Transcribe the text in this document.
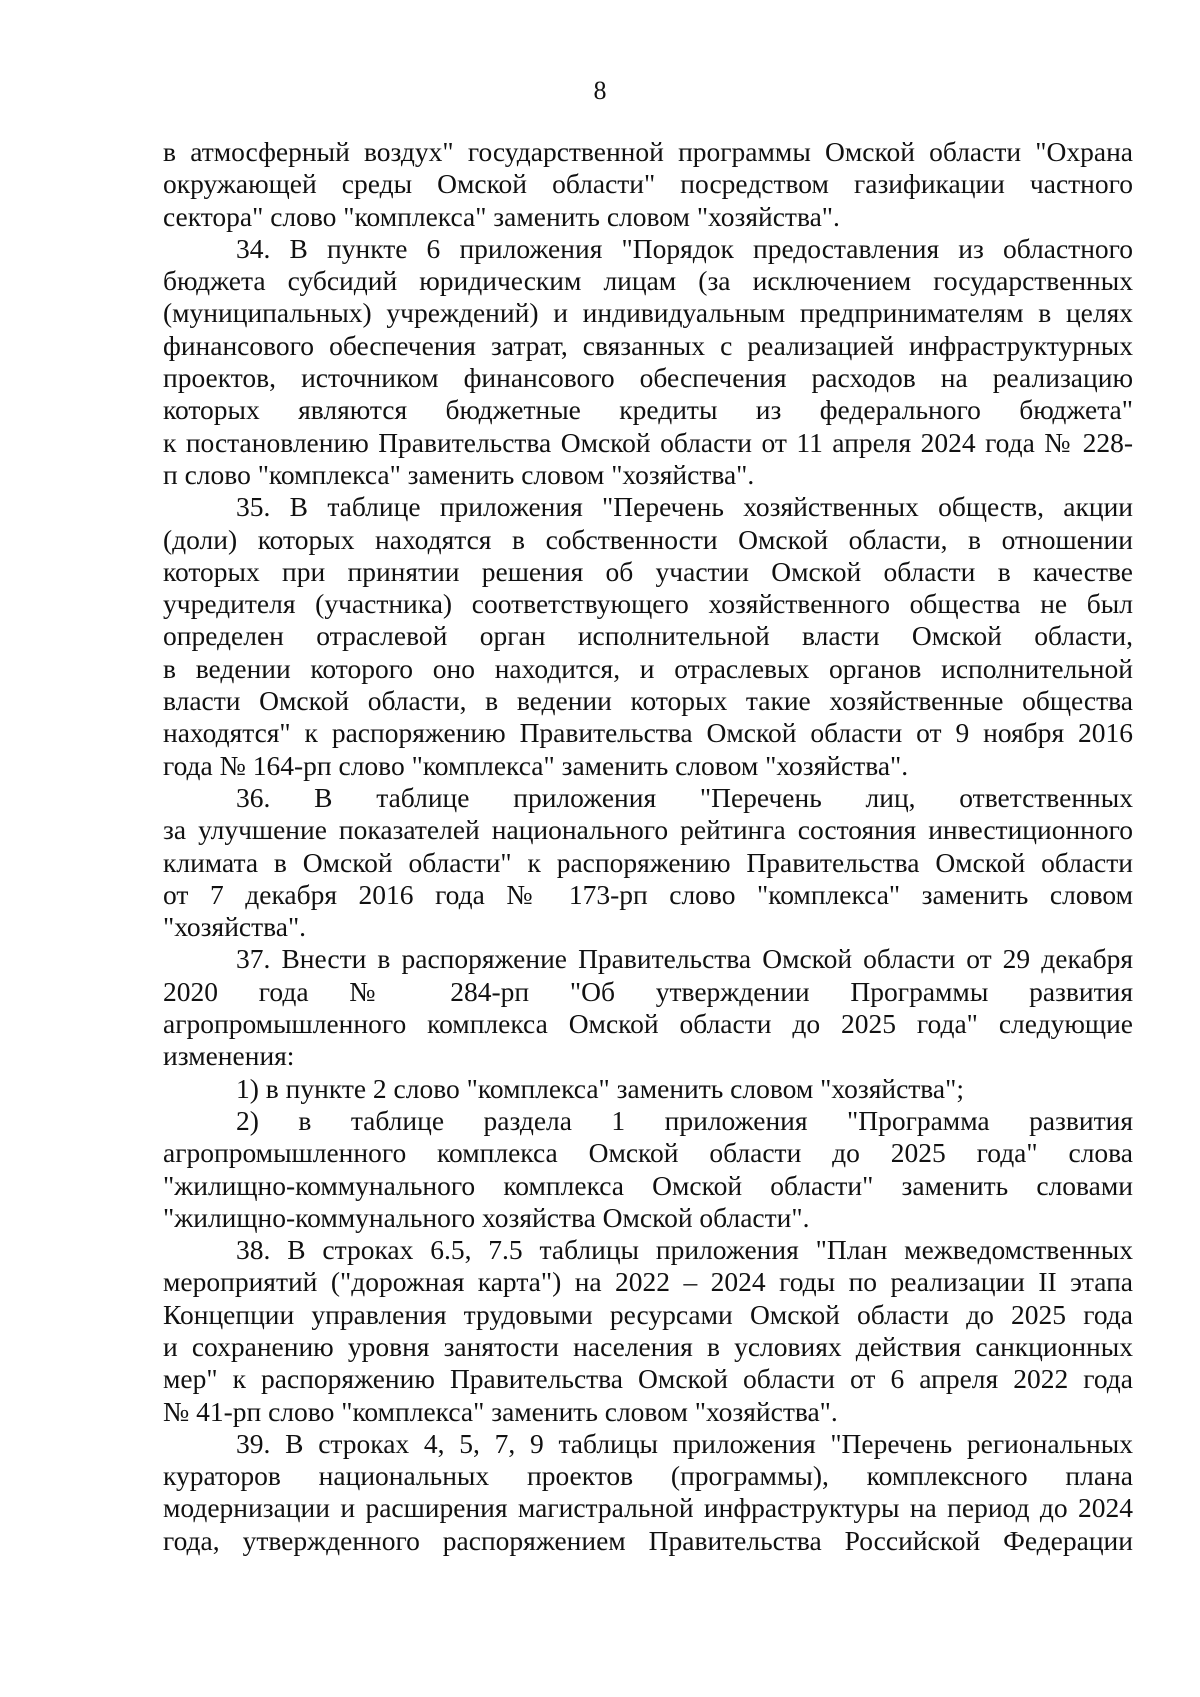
8
в атмосферный воздух" государственной программы Омской области "Охрана
окружающей среды Омской области" посредством газификации частного
сектора" слово "комплекса" заменить словом "хозяйства".
34. В пункте 6 приложения "Порядок предоставления из областного
бюджета субсидий юридическим лицам (за исключением государственных
(муниципальных) учреждений) и индивидуальным предпринимателям в целях
финансового обеспечения затрат, связанных с реализацией инфраструктурных
проектов, источником финансового обеспечения расходов на реализацию
которых являются бюджетные кредиты из федерального бюджета"
к постановлению Правительства Омской области от 11 апреля 2024 года № 228-
п слово "комплекса" заменить словом "хозяйства".
35. В таблице приложения "Перечень хозяйственных обществ, акции
(доли) которых находятся в собственности Омской области, в отношении
которых при принятии решения об участии Омской области в качестве
учредителя (участника) соответствующего хозяйственного общества не был
определен отраслевой орган исполнительной власти Омской области,
в ведении которого оно находится, и отраслевых органов исполнительной
власти Омской области, в ведении которых такие хозяйственные общества
находятся" к распоряжению Правительства Омской области от 9 ноября 2016
года № 164-рп слово "комплекса" заменить словом "хозяйства".
36. В таблице приложения "Перечень лиц, ответственных
за улучшение показателей национального рейтинга состояния инвестиционного
климата в Омской области" к распоряжению Правительства Омской области
от 7 декабря 2016 года № 173-рп слово "комплекса" заменить словом
"хозяйства".
37. Внести в распоряжение Правительства Омской области от 29 декабря
2020 года № 284-рп "Об утверждении Программы развития
агропромышленного комплекса Омской области до 2025 года" следующие
изменения:
1) в пункте 2 слово "комплекса" заменить словом "хозяйства";
2) в таблице раздела 1 приложения "Программа развития
агропромышленного комплекса Омской области до 2025 года" слова
"жилищно-коммунального комплекса Омской области" заменить словами
"жилищно-коммунального хозяйства Омской области".
38. В строках 6.5, 7.5 таблицы приложения "План межведомственных
мероприятий ("дорожная карта") на 2022 – 2024 годы по реализации II этапа
Концепции управления трудовыми ресурсами Омской области до 2025 года
и сохранению уровня занятости населения в условиях действия санкционных
мер" к распоряжению Правительства Омской области от 6 апреля 2022 года
№ 41-рп слово "комплекса" заменить словом "хозяйства".
39. В строках 4, 5, 7, 9 таблицы приложения "Перечень региональных
кураторов национальных проектов (программы), комплексного плана
модернизации и расширения магистральной инфраструктуры на период до 2024
года, утвержденного распоряжением Правительства Российской Федерации
